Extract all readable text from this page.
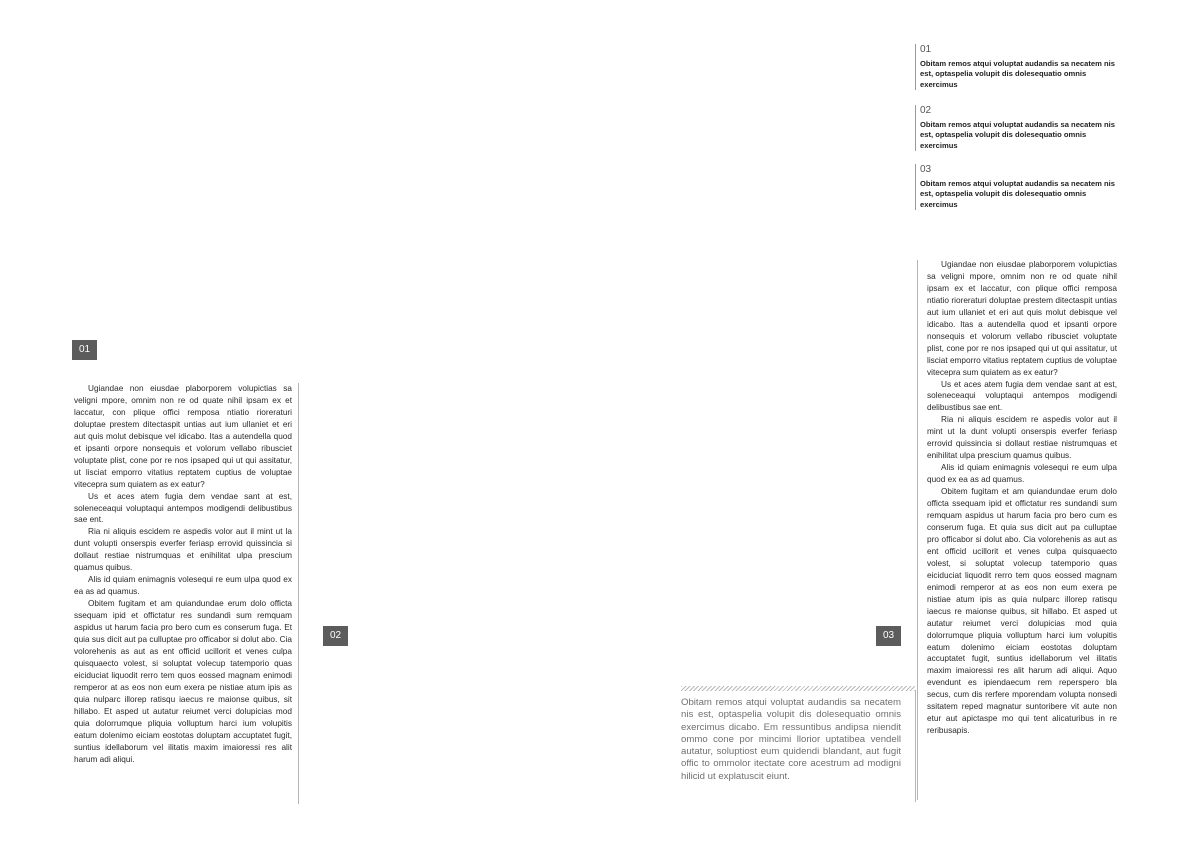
01
Obitam remos atqui voluptat audandis sa necatem nis est, optaspelia volupit dis dolesequatio omnis exercimus
02
Obitam remos atqui voluptat audandis sa necatem nis est, optaspelia volupit dis dolesequatio omnis exercimus
03
Obitam remos atqui voluptat audandis sa necatem nis est, optaspelia volupit dis dolesequatio omnis exercimus
01
02	03

Ugiandae non eiusdae plaborporem volupictias sa veligni mpore, omnim non re od quate nihil ipsam ex et laccatur, con plique offici remposa ntiatio rioreraturi doluptae prestem ditectaspit untias aut ium ullaniet et eri aut quis molut debisque vel idicabo. Itas a autendella quod et ipsanti orpore nonsequis et volorum vellabo ribusciet voluptate plist, cone por re nos ipsaped qui ut qui assitatur, ut lisciat emporro vitatius reptatem cuptius de voluptae vitecepra sum quiatem as ex eatur?

Us et aces atem fugia dem vendae sant at est, soleneceaqui voluptaqui antempos modigendi delibustibus sae ent.

Ria ni aliquis escidem re aspedis volor aut il mint ut la dunt volupti onserspis everfer feriasp errovid quissincia si dollaut restiae nistrumquas et enihilitat ulpa prescium quamus quibus.

Alis id quiam enimagnis volesequi re eum ulpa quod ex ea as ad quamus.

Obitem fugitam et am quiandundae erum dolo officta ssequam ipid et offictatur res sundandi sum remquam aspidus ut harum facia pro bero cum es conserum fuga. Et quia sus dicit aut pa culluptae pro officabor si dolut abo. Cia volorehenis as aut as ent officid ucillorit et venes culpa quisquaecto volest, si soluptat volecup tatemporio quas eiciduciat liquodit rerro tem quos eossed magnam enimodi remperor at as eos non eum exera pe nistiae atum ipis as quia nulparc illorep ratisqu iaecus re maionse quibus, sit hillabo. Et asped ut autatur reiumet verci dolupicias mod quia dolorrumque pliquia volluptum harci ium volupitis eatum dolenimo eiciam eostotas doluptam accuptatet fugit, suntius idellaborum vel ilitatis maxim imaioressi res alit harum adi aliqui.

Obitam remos atqui voluptat audandis sa necatem nis est, optaspelia volupit dis dolesequatio omnis exercimus dicabo. Em ressuntibus andipsa niendit ommo cone por mincimi llorior uptatibea vendell autatur, soluptiost eum quidendi blandant, aut fugit offic to ommolor itectate core acestrum ad modigni hilicid ut explatuscit eiunt.

Ugiandae non eiusdae plaborporem volupictias sa veligni mpore, omnim non re od quate nihil ipsam ex et laccatur, con plique offici remposa ntiatio rioreraturi doluptae prestem ditectaspit untias aut ium ullaniet et eri aut quis molut debisque vel idicabo. Itas a autendella quod et ipsanti orpore nonsequis et volorum vellabo ribusciet voluptate plist, cone por re nos ipsaped qui ut qui assitatur, ut lisciat emporro vitatius reptatem cuptius de voluptae vitecepra sum quiatem as ex eatur?

Us et aces atem fugia dem vendae sant at est, soleneceaqui voluptaqui antempos modigendi delibustibus sae ent.

Ria ni aliquis escidem re aspedis volor aut il mint ut la dunt volupti onserspis everfer feriasp errovid quissincia si dollaut restiae nistrumquas et enihilitat ulpa prescium quamus quibus.

Alis id quiam enimagnis volesequi re eum ulpa quod ex ea as ad quamus.

Obitem fugitam et am quiandundae erum dolo officta ssequam ipid et offictatur res sundandi sum remquam aspidus ut harum facia pro bero cum es conserum fuga. Et quia sus dicit aut pa culluptae pro officabor si dolut abo. Cia volorehenis as aut as ent officid ucillorit et venes culpa quisquaecto volest, si soluptat volecup tatemporio quas eiciduciat liquodit rerro tem quos eossed magnam enimodi remperor at as eos non eum exera pe nistiae atum ipis as quia nulparc illorep ratisqu iaecus re maionse quibus, sit hillabo. Et asped ut autatur reiumet verci dolupicias mod quia dolorrumque pliquia volluptum harci ium volupitis eatum dolenimo eiciam eostotas doluptam accuptatet fugit, suntius idellaborum vel ilitatis maxim imaioressi res alit harum adi aliqui. Aquo evendunt es ipiendaecum rem reperspero bla secus, cum dis rerfere mporendam volupta nonsedi ssitatem reped magnatur suntoribere vit aute non etur aut apictaspe mo qui tent alicaturibus in re reribusapis.
